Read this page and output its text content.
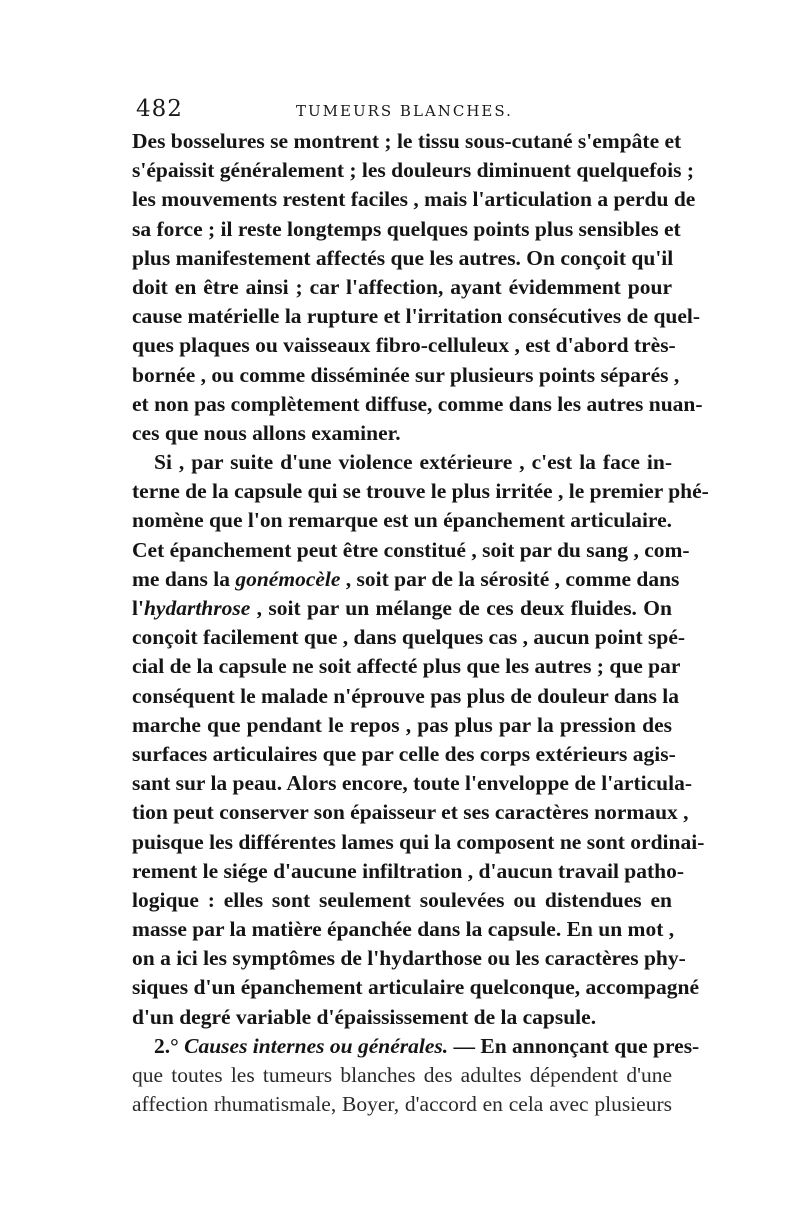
482	TUMEURS BLANCHES.
Des bosselures se montrent ; le tissu sous-cutané s'empâte et
s'épaissit généralement ; les douleurs diminuent quelquefois ;
les mouvements restent faciles , mais l'articulation a perdu de
sa force ; il reste longtemps quelques points plus sensibles et
plus manifestement affectés que les autres. On conçoit qu'il
doit en être ainsi ; car l'affection, ayant évidemment pour
cause matérielle la rupture et l'irritation consécutives de quel-
ques plaques ou vaisseaux fibro-celluleux , est d'abord très-
bornée , ou comme disséminée sur plusieurs points séparés ,
et non pas complètement diffuse, comme dans les autres nuan-
ces que nous allons examiner.
Si , par suite d'une violence extérieure , c'est la face in-
terne de la capsule qui se trouve le plus irritée , le premier phé-
nomène que l'on remarque est un épanchement articulaire.
Cet épanchement peut être constitué , soit par du sang , com-
me dans la gonémocèle , soit par de la sérosité , comme dans
l'hydarthrose , soit par un mélange de ces deux fluides. On
conçoit facilement que , dans quelques cas , aucun point spé-
cial de la capsule ne soit affecté plus que les autres ; que par
conséquent le malade n'éprouve pas plus de douleur dans la
marche que pendant le repos , pas plus par la pression des
surfaces articulaires que par celle des corps extérieurs agis-
sant sur la peau. Alors encore, toute l'enveloppe de l'articula-
tion peut conserver son épaisseur et ses caractères normaux ,
puisque les différentes lames qui la composent ne sont ordinai-
rement le siége d'aucune infiltration , d'aucun travail patho-
logique : elles sont seulement soulevées ou distendues en
masse par la matière épanchée dans la capsule. En un mot ,
on a ici les symptômes de l'hydarthose ou les caractères phy-
siques d'un épanchement articulaire quelconque, accompagné
d'un degré variable d'épaississement de la capsule.
2.° Causes internes ou générales. — En annonçant que pres-
que toutes les tumeurs blanches des adultes dépendent d'une
affection rhumatismale, Boyer, d'accord en cela avec plusieurs
